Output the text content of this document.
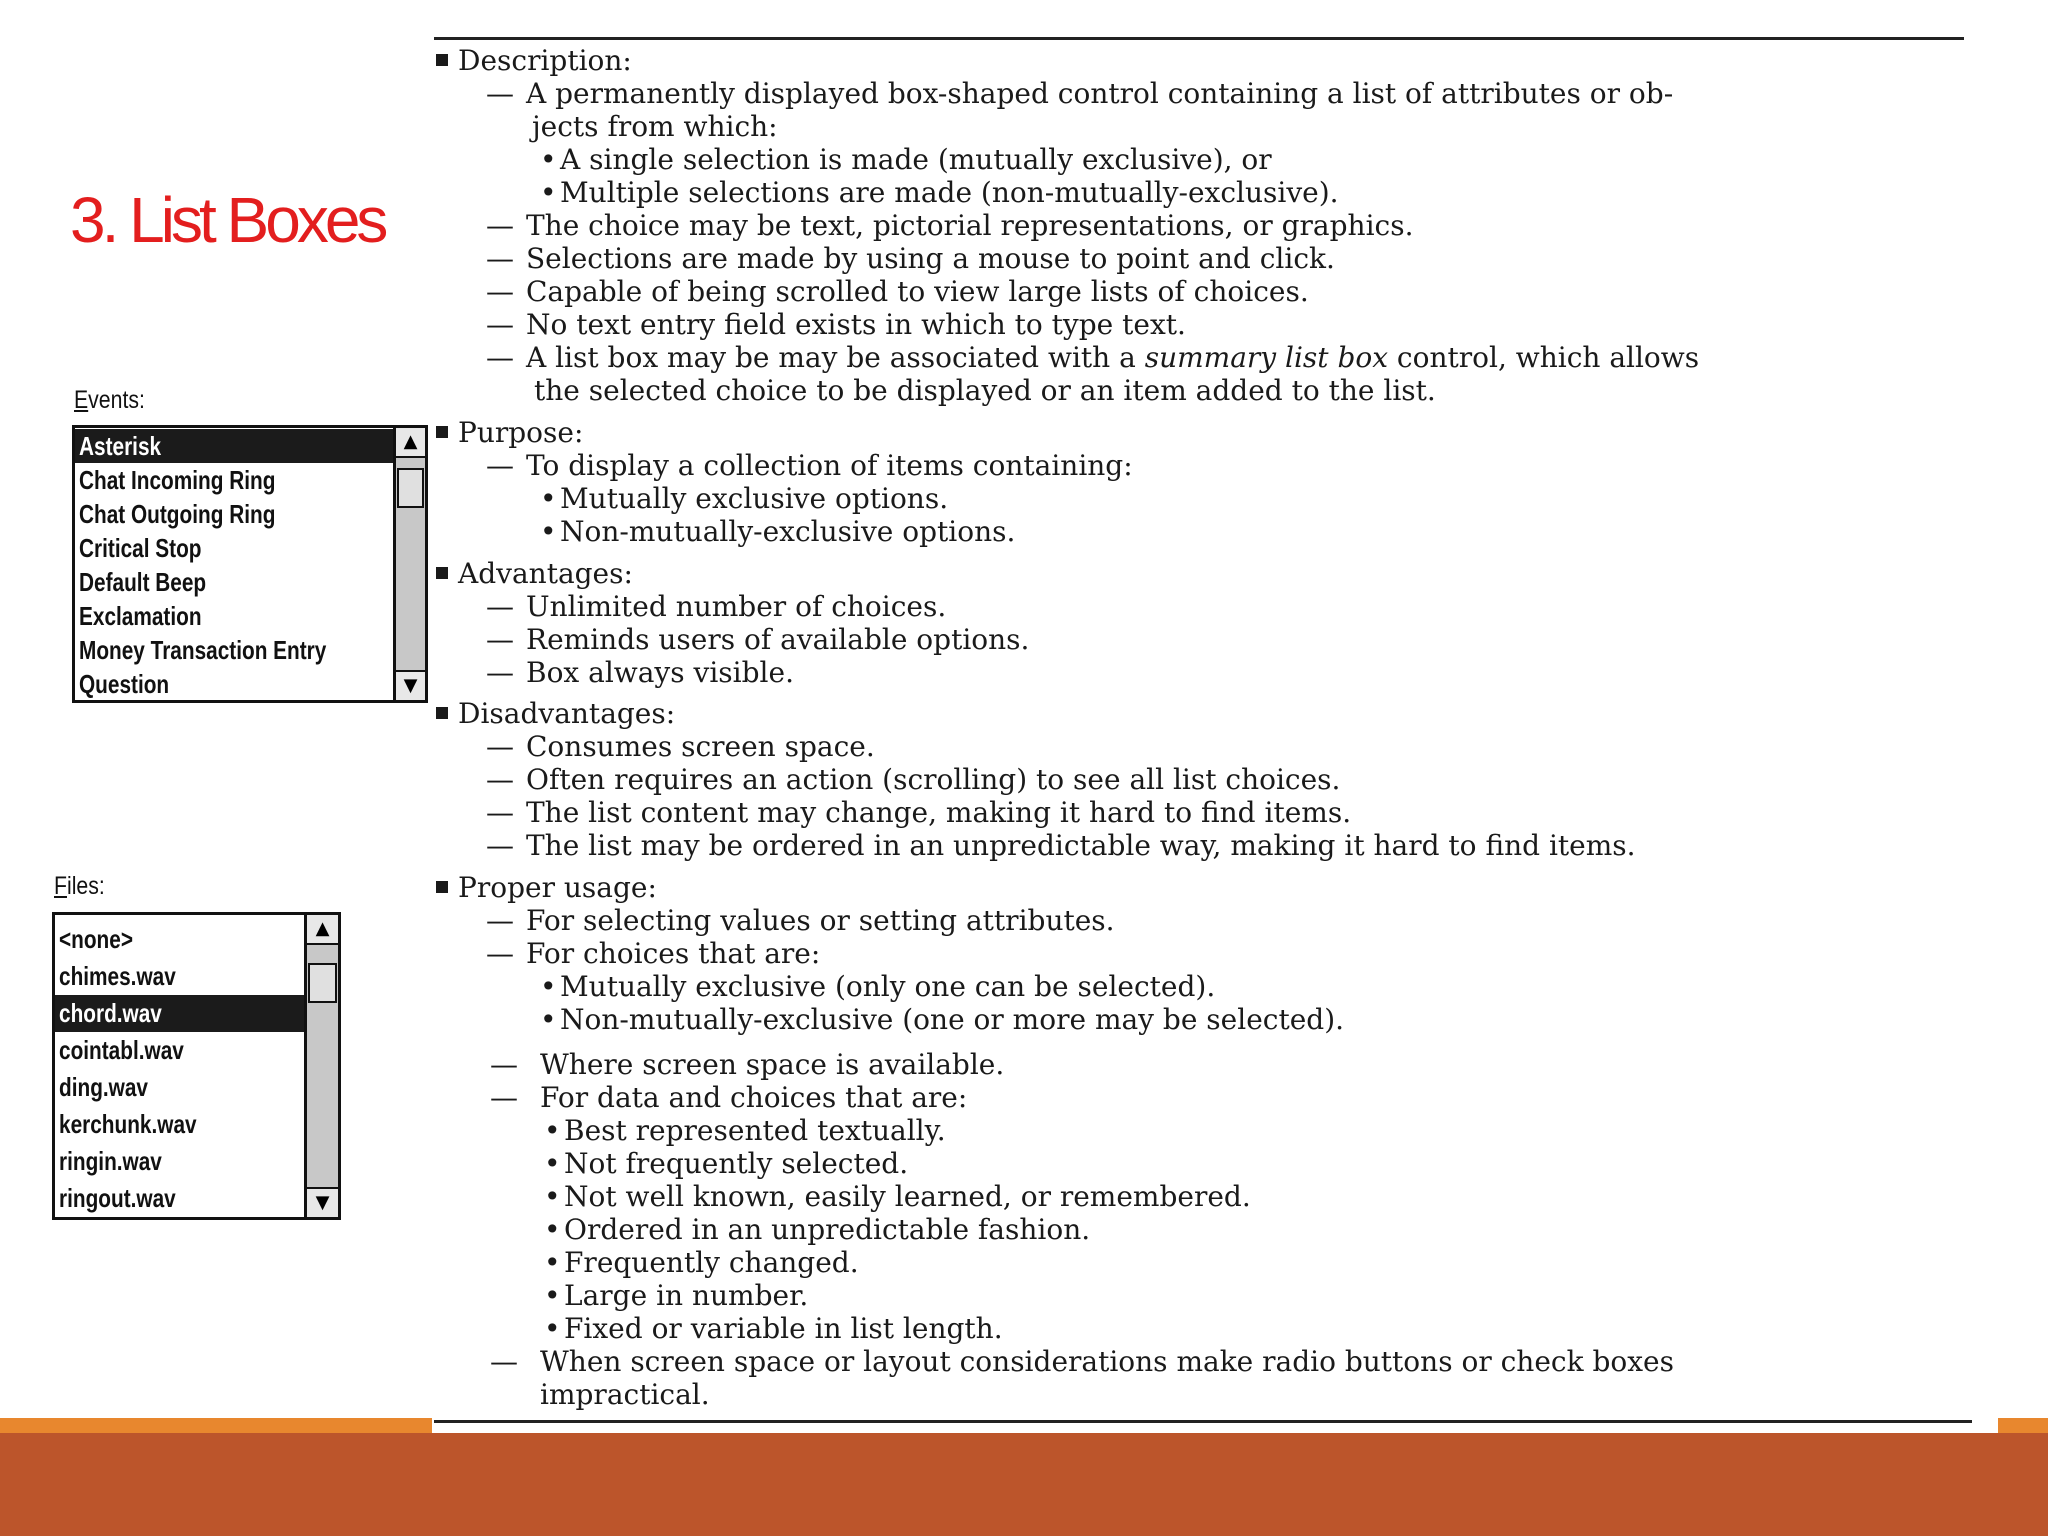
3. List Boxes
Events:
Asterisk
Chat Incoming Ring
Chat Outgoing Ring
Critical Stop
Default Beep
Exclamation
Money Transaction Entry
Question
▲
▼
Files:
<none>
chimes.wav
chord.wav
cointabl.wav
ding.wav
kerchunk.wav
ringin.wav
ringout.wav
▲
▼

Description:

— A permanently displayed box-shaped control containing a list of attributes or ob-

jects from which:

• A single selection is made (mutually exclusive), or

• Multiple selections are made (non-mutually-exclusive).

— The choice may be text, pictorial representations, or graphics.

— Selections are made by using a mouse to point and click.

— Capable of being scrolled to view large lists of choices.

— No text entry field exists in which to type text.

— A list box may be may be associated with a summary list box control, which allows

the selected choice to be displayed or an item added to the list.

Purpose:

— To display a collection of items containing:

• Mutually exclusive options.

• Non-mutually-exclusive options.

Advantages:

— Unlimited number of choices.

— Reminds users of available options.

— Box always visible.

Disadvantages:

— Consumes screen space.

— Often requires an action (scrolling) to see all list choices.

— The list content may change, making it hard to find items.

— The list may be ordered in an unpredictable way, making it hard to find items.

Proper usage:

— For selecting values or setting attributes.

— For choices that are:

• Mutually exclusive (only one can be selected).

• Non-mutually-exclusive (one or more may be selected).

— Where screen space is available.

— For data and choices that are:

• Best represented textually.

• Not frequently selected.

• Not well known, easily learned, or remembered.

• Ordered in an unpredictable fashion.

• Frequently changed.

• Large in number.

• Fixed or variable in list length.

— When screen space or layout considerations make radio buttons or check boxes

impractical.
